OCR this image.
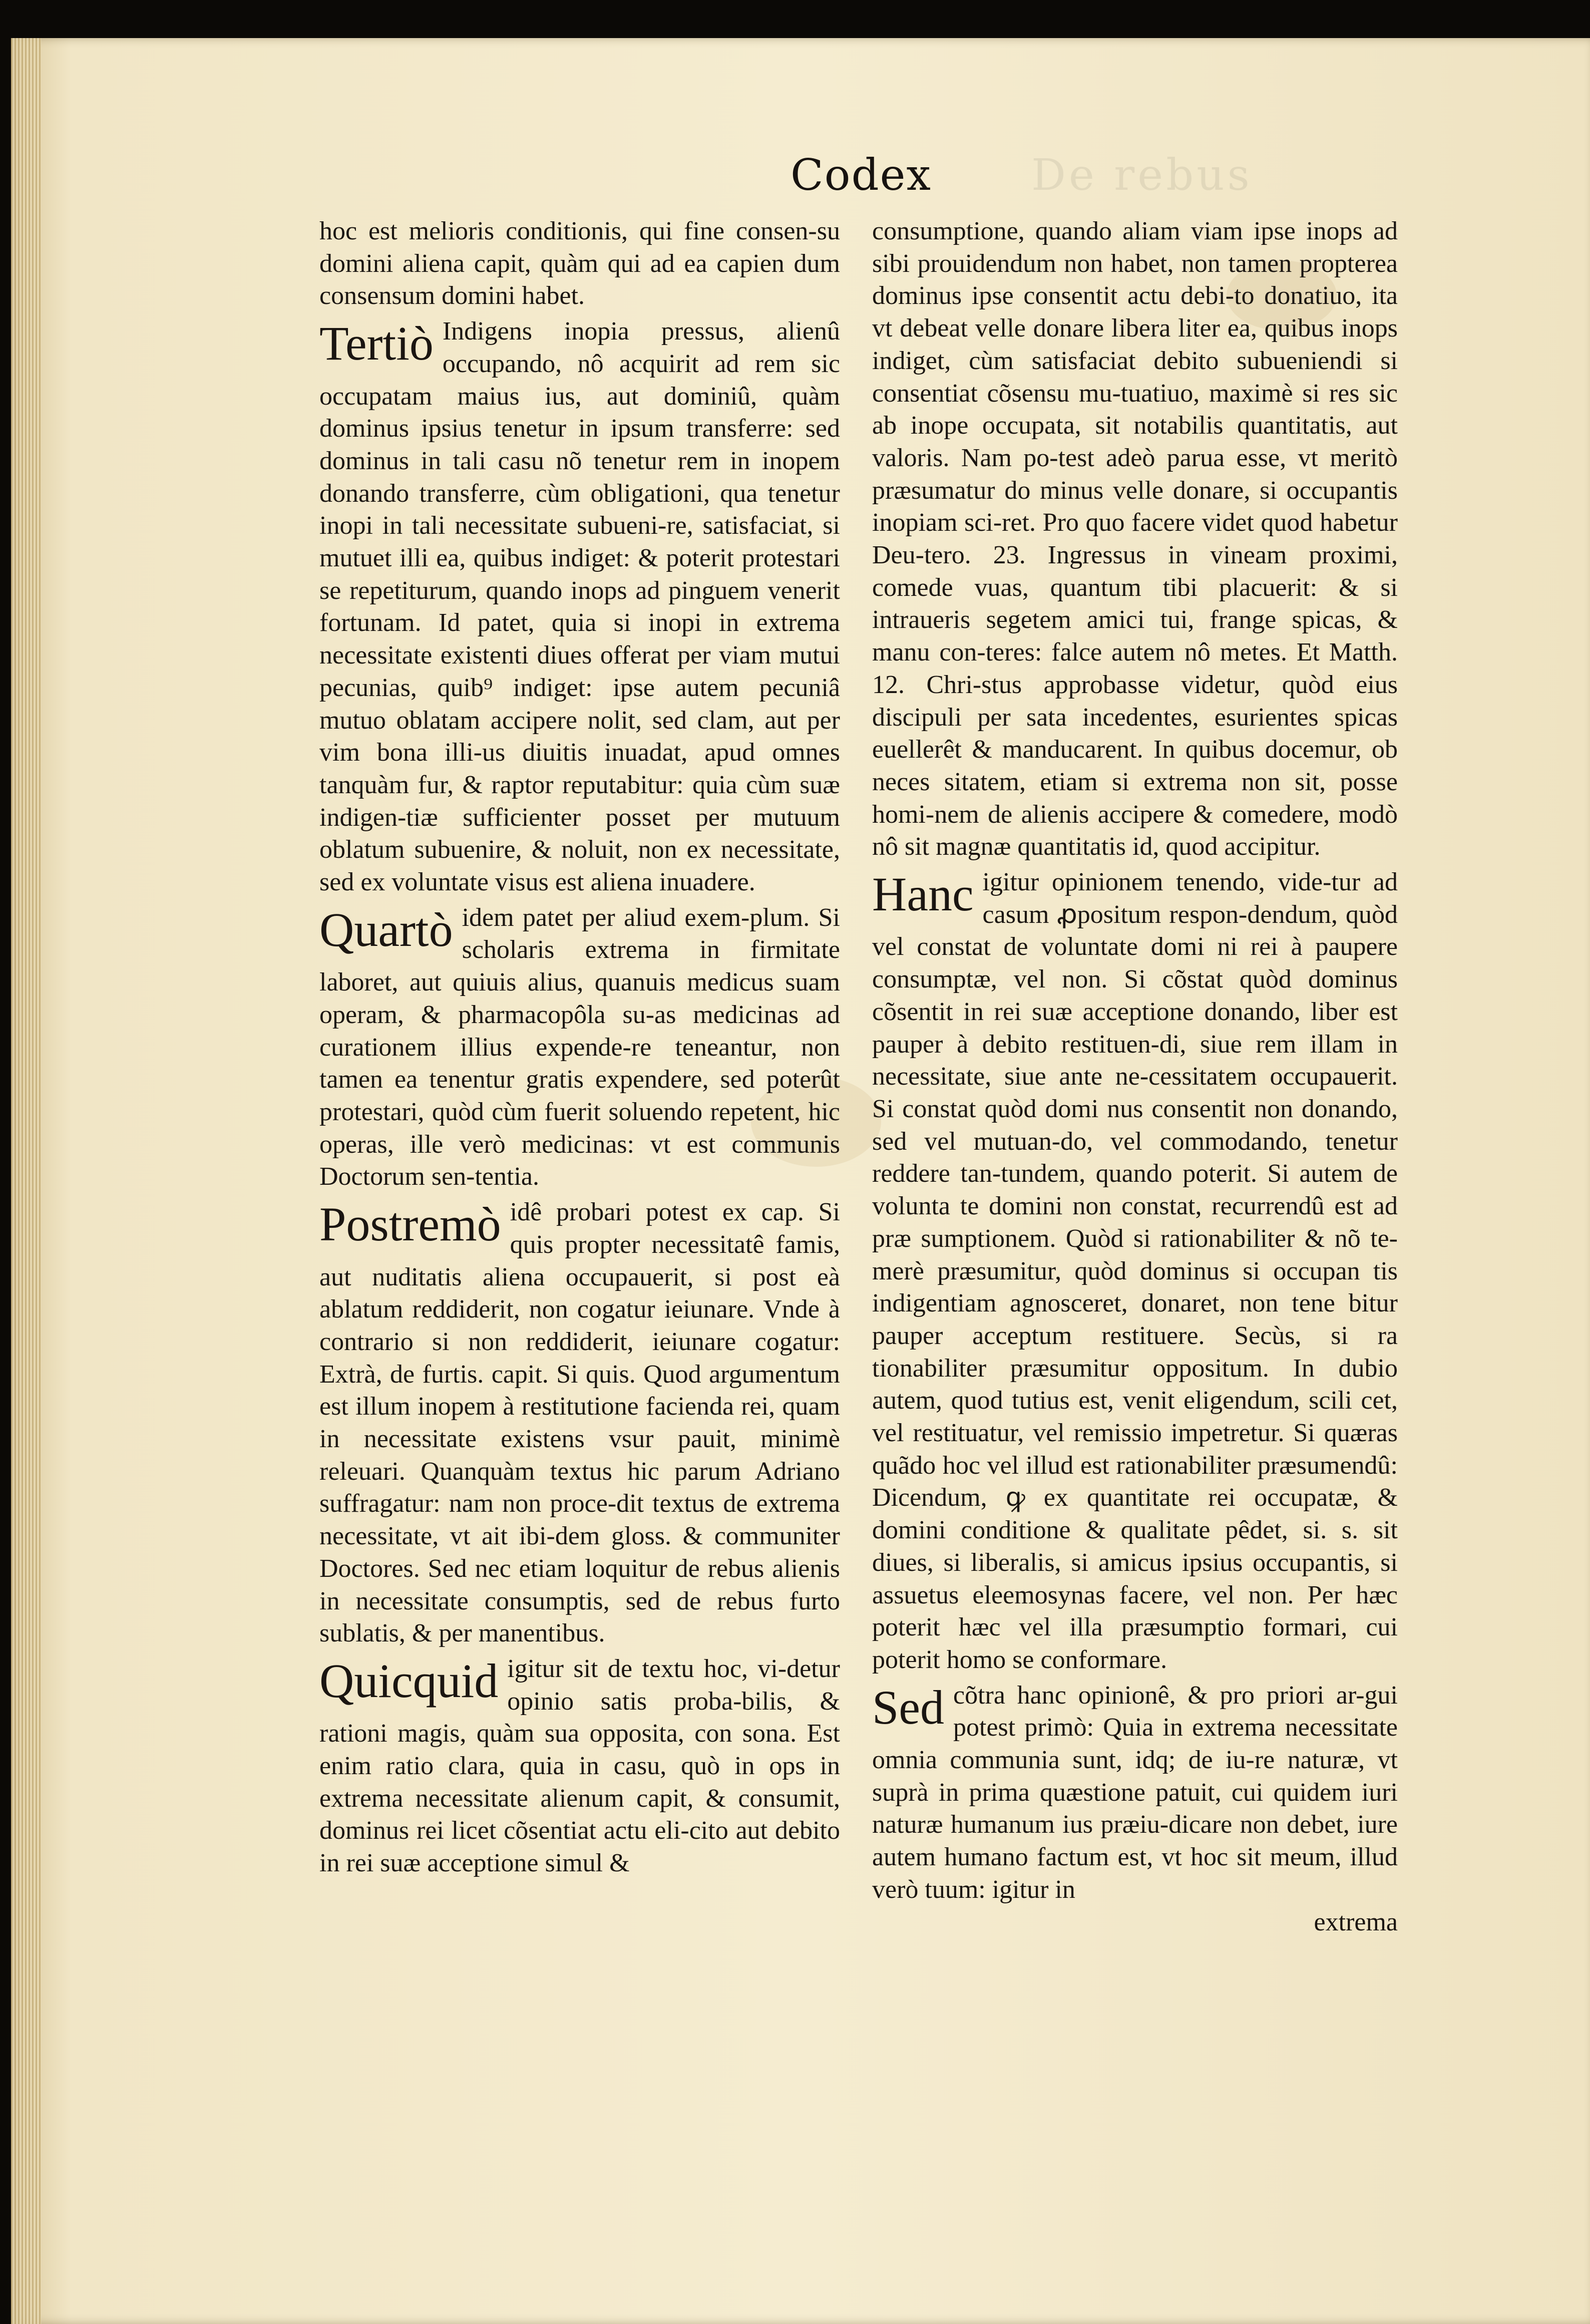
Codex	De rebus

hoc est melioris conditionis, qui fine consen-su domini aliena capit, quàm qui ad ea capien dum consensum domini habet.

Tertiò Indigens inopia pressus, alienû occupando, nô acquirit ad rem sic occupatam maius ius, aut dominiû, quàm dominus ipsius tenetur in ipsum transferre: sed dominus in tali casu nõ tenetur rem in inopem donando transferre, cùm obligationi, qua tenetur inopi in tali necessitate subueni-re, satisfaciat, si mutuet illi ea, quibus indiget: & poterit protestari se repetiturum, quando inops ad pinguem venerit fortunam. Id patet, quia si inopi in extrema necessitate existenti diues offerat per viam mutui pecunias, quib⁹ indiget: ipse autem pecuniâ mutuo oblatam accipere nolit, sed clam, aut per vim bona illi-us diuitis inuadat, apud omnes tanquàm fur, & raptor reputabitur: quia cùm suæ indigen-tiæ sufficienter posset per mutuum oblatum subuenire, & noluit, non ex necessitate, sed ex voluntate visus est aliena inuadere.

Quartò idem patet per aliud exem-plum. Si scholaris extrema in firmitate laboret, aut quiuis alius, quanuis medicus suam operam, & pharmacopôla su-as medicinas ad curationem illius expende-re teneantur, non tamen ea tenentur gratis expendere, sed poterût protestari, quòd cùm fuerit soluendo repetent, hic operas, ille verò medicinas: vt est communis Doctorum sen-tentia.

Postremò idê probari potest ex cap. Si quis propter necessitatê famis, aut nuditatis aliena occupauerit, si post eà ablatum reddiderit, non cogatur ieiunare. Vnde à contrario si non reddiderit, ieiunare cogatur: Extrà, de furtis. capit. Si quis. Quod argumentum est illum inopem à restitutione facienda rei, quam in necessitate existens vsur pauit, minimè releuari. Quanquàm textus hic parum Adriano suffragatur: nam non proce-dit textus de extrema necessitate, vt ait ibi-dem gloss. & communiter Doctores. Sed nec etiam loquitur de rebus alienis in necessitate consumptis, sed de rebus furto sublatis, & per manentibus.

Quicquid igitur sit de textu hoc, vi-detur opinio satis proba-bilis, & rationi magis, quàm sua opposita, con sona. Est enim ratio clara, quia in casu, quò in ops in extrema necessitate alienum capit, & consumit, dominus rei licet cõsentiat actu eli-cito aut debito in rei suæ acceptione simul &

consumptione, quando aliam viam ipse inops ad sibi prouidendum non habet, non tamen propterea dominus ipse consentit actu debi-to donatiuo, ita vt debeat velle donare libera liter ea, quibus inops indiget, cùm satisfaciat debito subueniendi si consentiat cõsensu mu-tuatiuo, maximè si res sic ab inope occupata, sit notabilis quantitatis, aut valoris. Nam po-test adeò parua esse, vt meritò præsumatur do minus velle donare, si occupantis inopiam sci-ret. Pro quo facere videt quod habetur Deu-tero. 23. Ingressus in vineam proximi, comede vuas, quantum tibi placuerit: & si intraueris segetem amici tui, frange spicas, & manu con-teres: falce autem nô metes. Et Matth. 12. Chri-stus approbasse videtur, quòd eius discipuli per sata incedentes, esurientes spicas euellerêt & manducarent. In quibus docemur, ob neces sitatem, etiam si extrema non sit, posse homi-nem de alienis accipere & comedere, modò nô sit magnæ quantitatis id, quod accipitur.

Hanc igitur opinionem tenendo, vide-tur ad casum ꝓpositum respon-dendum, quòd vel constat de voluntate domi ni rei à paupere consumptæ, vel non. Si cõstat quòd dominus cõsentit in rei suæ acceptione donando, liber est pauper à debito restituen-di, siue rem illam in necessitate, siue ante ne-cessitatem occupauerit. Si constat quòd domi nus consentit non donando, sed vel mutuan-do, vel commodando, tenetur reddere tan-tundem, quando poterit. Si autem de volunta te domini non constat, recurrendû est ad præ sumptionem. Quòd si rationabiliter & nõ te-merè præsumitur, quòd dominus si occupan tis indigentiam agnosceret, donaret, non tene bitur pauper acceptum restituere. Secùs, si ra tionabiliter præsumitur oppositum. In dubio autem, quod tutius est, venit eligendum, scili cet, vel restituatur, vel remissio impetretur. Si quæras quãdo hoc vel illud est rationabiliter præsumendû: Dicendum, ꝙ ex quantitate rei occupatæ, & domini conditione & qualitate pêdet, si. s. sit diues, si liberalis, si amicus ipsius occupantis, si assuetus eleemosynas facere, vel non. Per hæc poterit hæc vel illa præsumptio formari, cui poterit homo se conformare.

Sed cõtra hanc opinionê, & pro priori ar-gui potest primò: Quia in extrema necessitate omnia communia sunt, idq; de iu-re naturæ, vt suprà in prima quæstione patuit, cui quidem iuri naturæ humanum ius præiu-dicare non debet, iure autem humano factum est, vt hoc sit meum, illud verò tuum: igitur in

extrema
